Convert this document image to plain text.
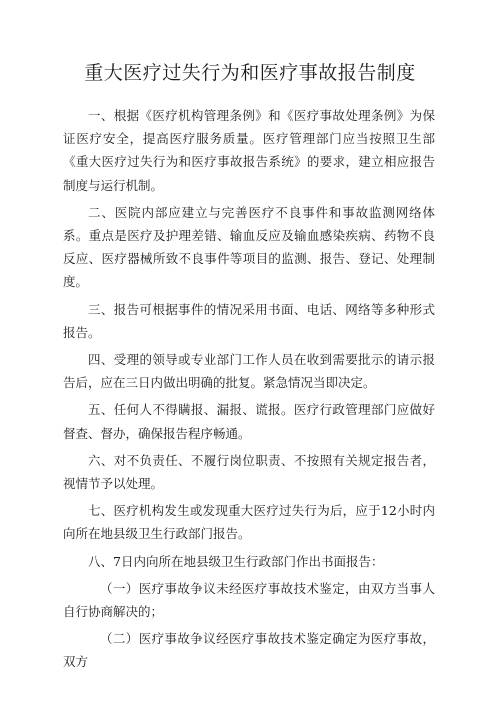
重大医疗过失行为和医疗事故报告制度

一、根据《医疗机构管理条例》和《医疗事故处理条例》为保证医疗安全，提高医疗服务质量。医疗管理部门应当按照卫生部《重大医疗过失行为和医疗事故报告系统》的要求，建立相应报告制度与运行机制。

二、医院内部应建立与完善医疗不良事件和事故监测网络体系。重点是医疗及护理差错、输血反应及输血感染疾病、药物不良反应、医疗器械所致不良事件等项目的监测、报告、登记、处理制度。

三、报告可根据事件的情况采用书面、电话、网络等多种形式报告。

四、受理的领导或专业部门工作人员在收到需要批示的请示报告后，应在三日内做出明确的批复。紧急情况当即决定。

五、任何人不得瞒报、漏报、谎报。医疗行政管理部门应做好督查、督办，确保报告程序畅通。

六、对不负责任、不履行岗位职责、不按照有关规定报告者，视情节予以处理。

七、医疗机构发生或发现重大医疗过失行为后，应于12小时内向所在地县级卫生行政部门报告。

八、7日内向所在地县级卫生行政部门作出书面报告：

（一）医疗事故争议未经医疗事故技术鉴定，由双方当事人自行协商解决的；

（二）医疗事故争议经医疗事故技术鉴定确定为医疗事故，双方
